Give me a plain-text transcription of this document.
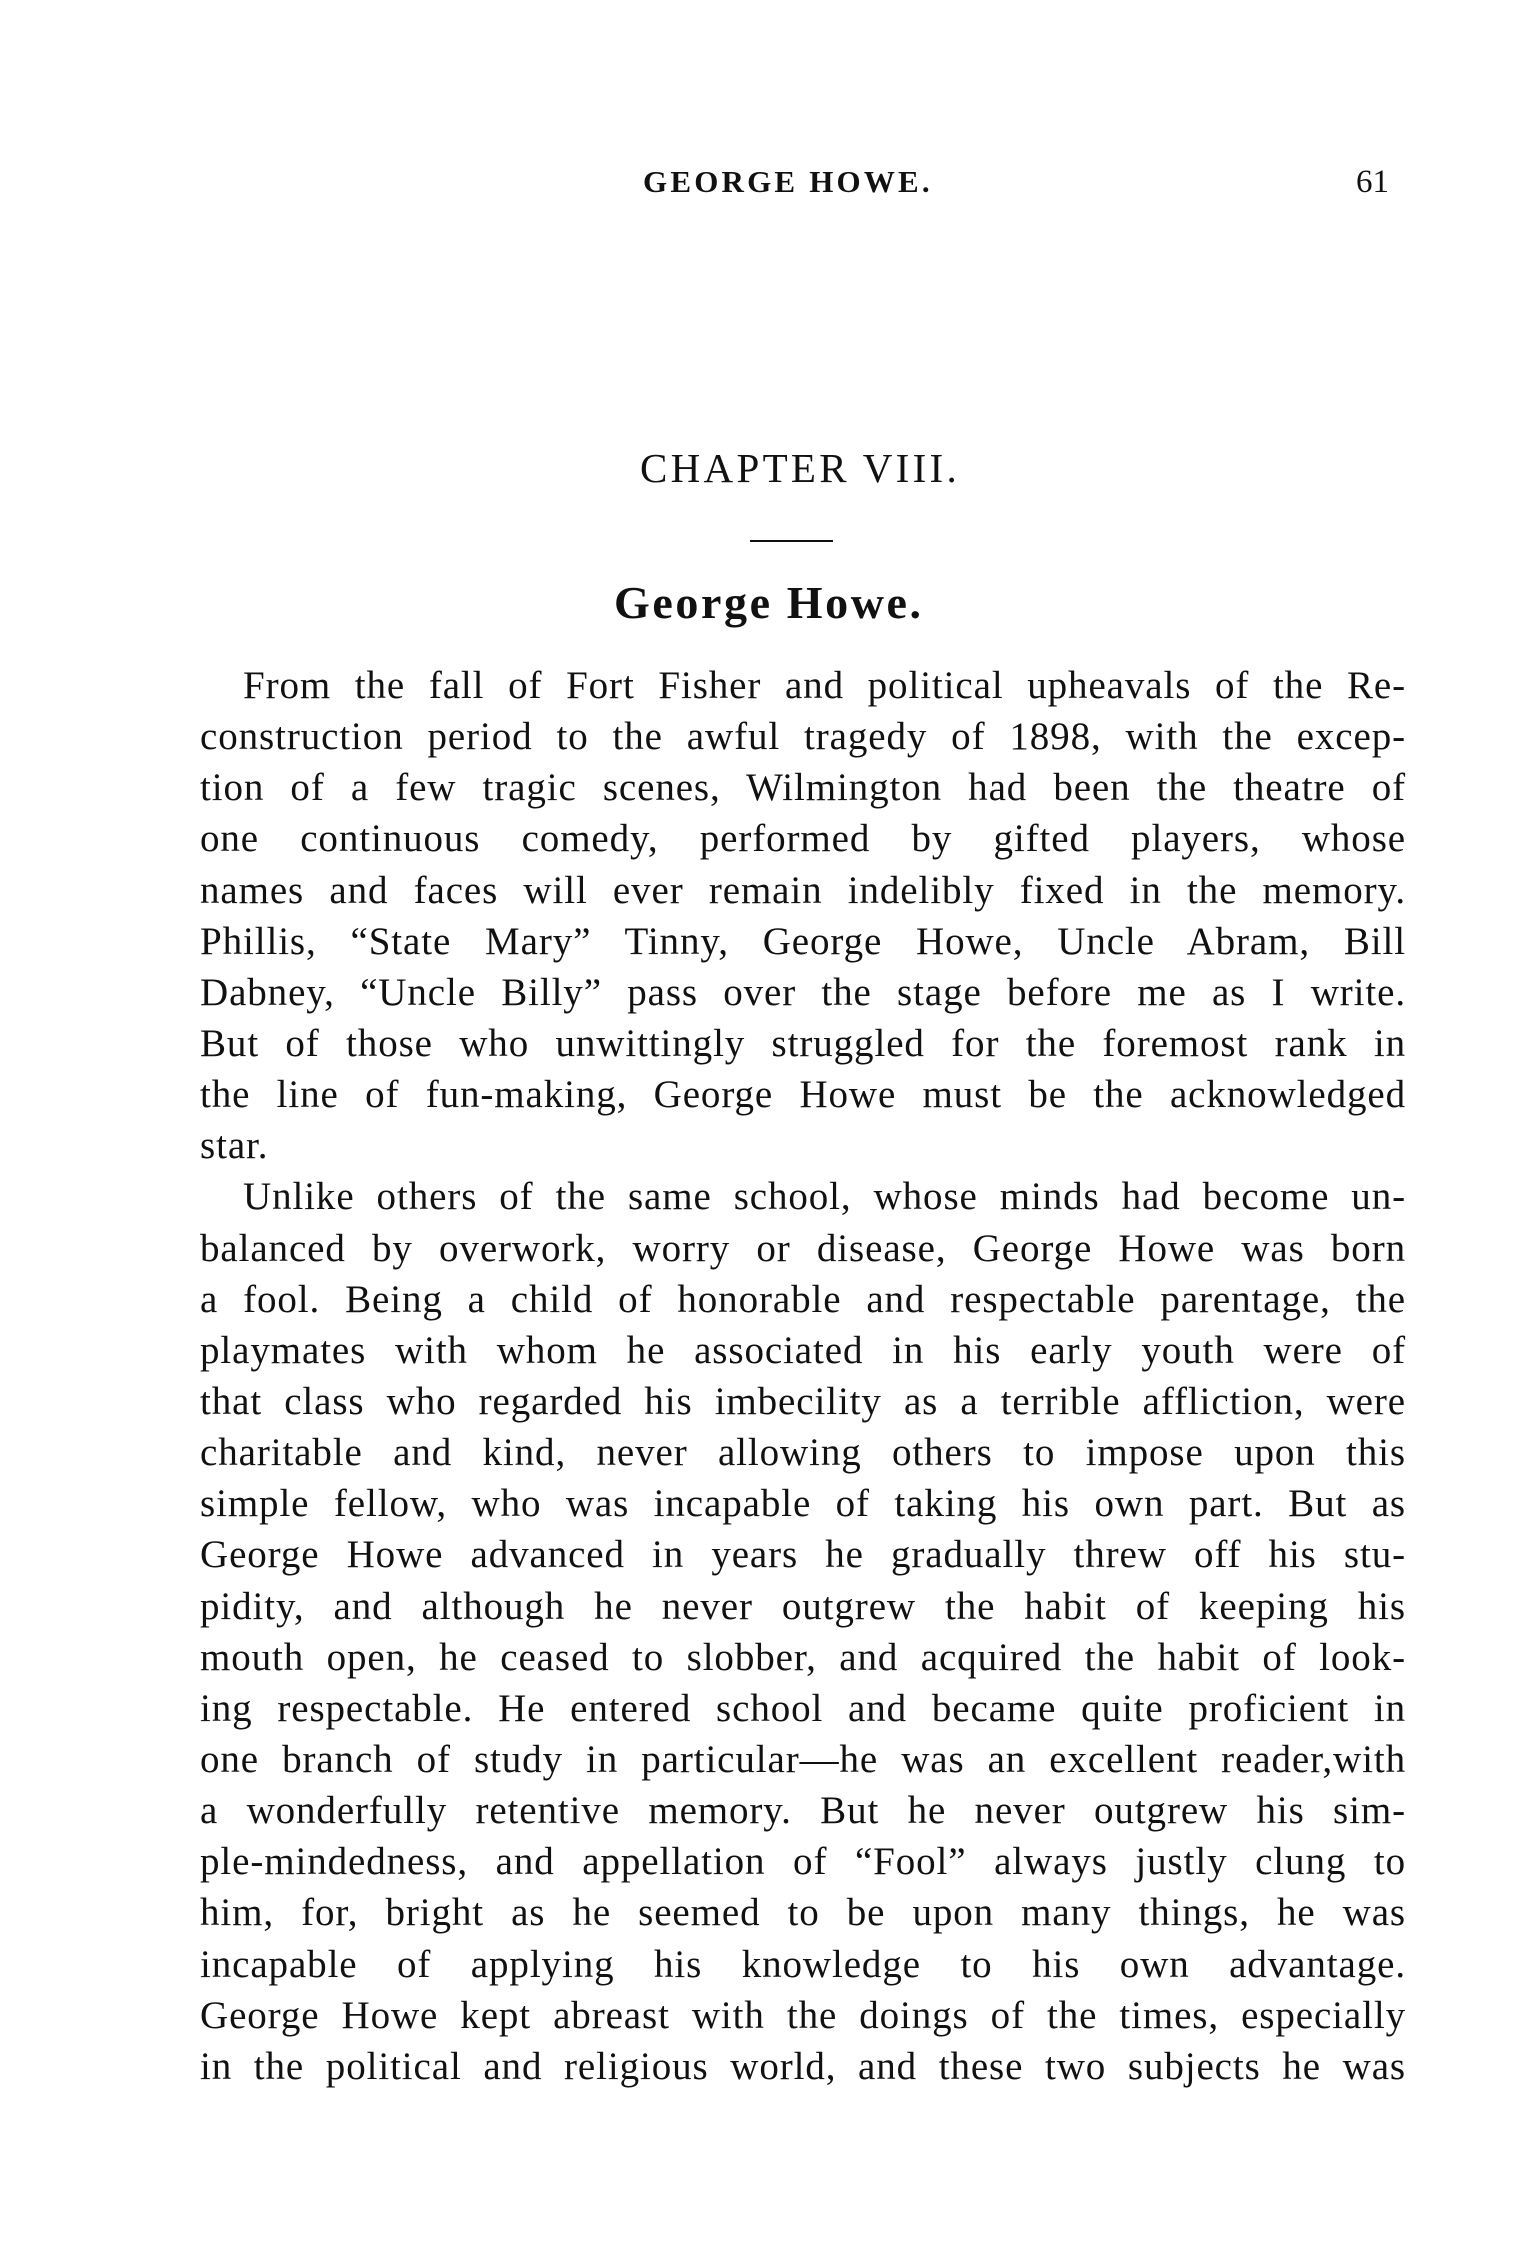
GEORGE HOWE.	61
CHAPTER VIII.
George Howe.
From the fall of Fort Fisher and political upheavals of the Re-
construction period to the awful tragedy of 1898, with the excep-
tion of a few tragic scenes, Wilmington had been the theatre of
one continuous comedy, performed by gifted players, whose
names and faces will ever remain indelibly fixed in the memory.
Phillis, “State Mary” Tinny, George Howe, Uncle Abram, Bill
Dabney, “Uncle Billy” pass over the stage before me as I write.
But of those who unwittingly struggled for the foremost rank in
the line of fun-making, George Howe must be the acknowledged
star.
Unlike others of the same school, whose minds had become un-
balanced by overwork, worry or disease, George Howe was born
a fool. Being a child of honorable and respectable parentage, the
playmates with whom he associated in his early youth were of
that class who regarded his imbecility as a terrible affliction, were
charitable and kind, never allowing others to impose upon this
simple fellow, who was incapable of taking his own part. But as
George Howe advanced in years he gradually threw off his stu-
pidity, and although he never outgrew the habit of keeping his
mouth open, he ceased to slobber, and acquired the habit of look-
ing respectable. He entered school and became quite proficient in
one branch of study in particular—he was an excellent reader,with
a wonderfully retentive memory. But he never outgrew his sim-
ple-mindedness, and appellation of “Fool” always justly clung to
him, for, bright as he seemed to be upon many things, he was
incapable of applying his knowledge to his own advantage.
George Howe kept abreast with the doings of the times, especially
in the political and religious world, and these two subjects he was
